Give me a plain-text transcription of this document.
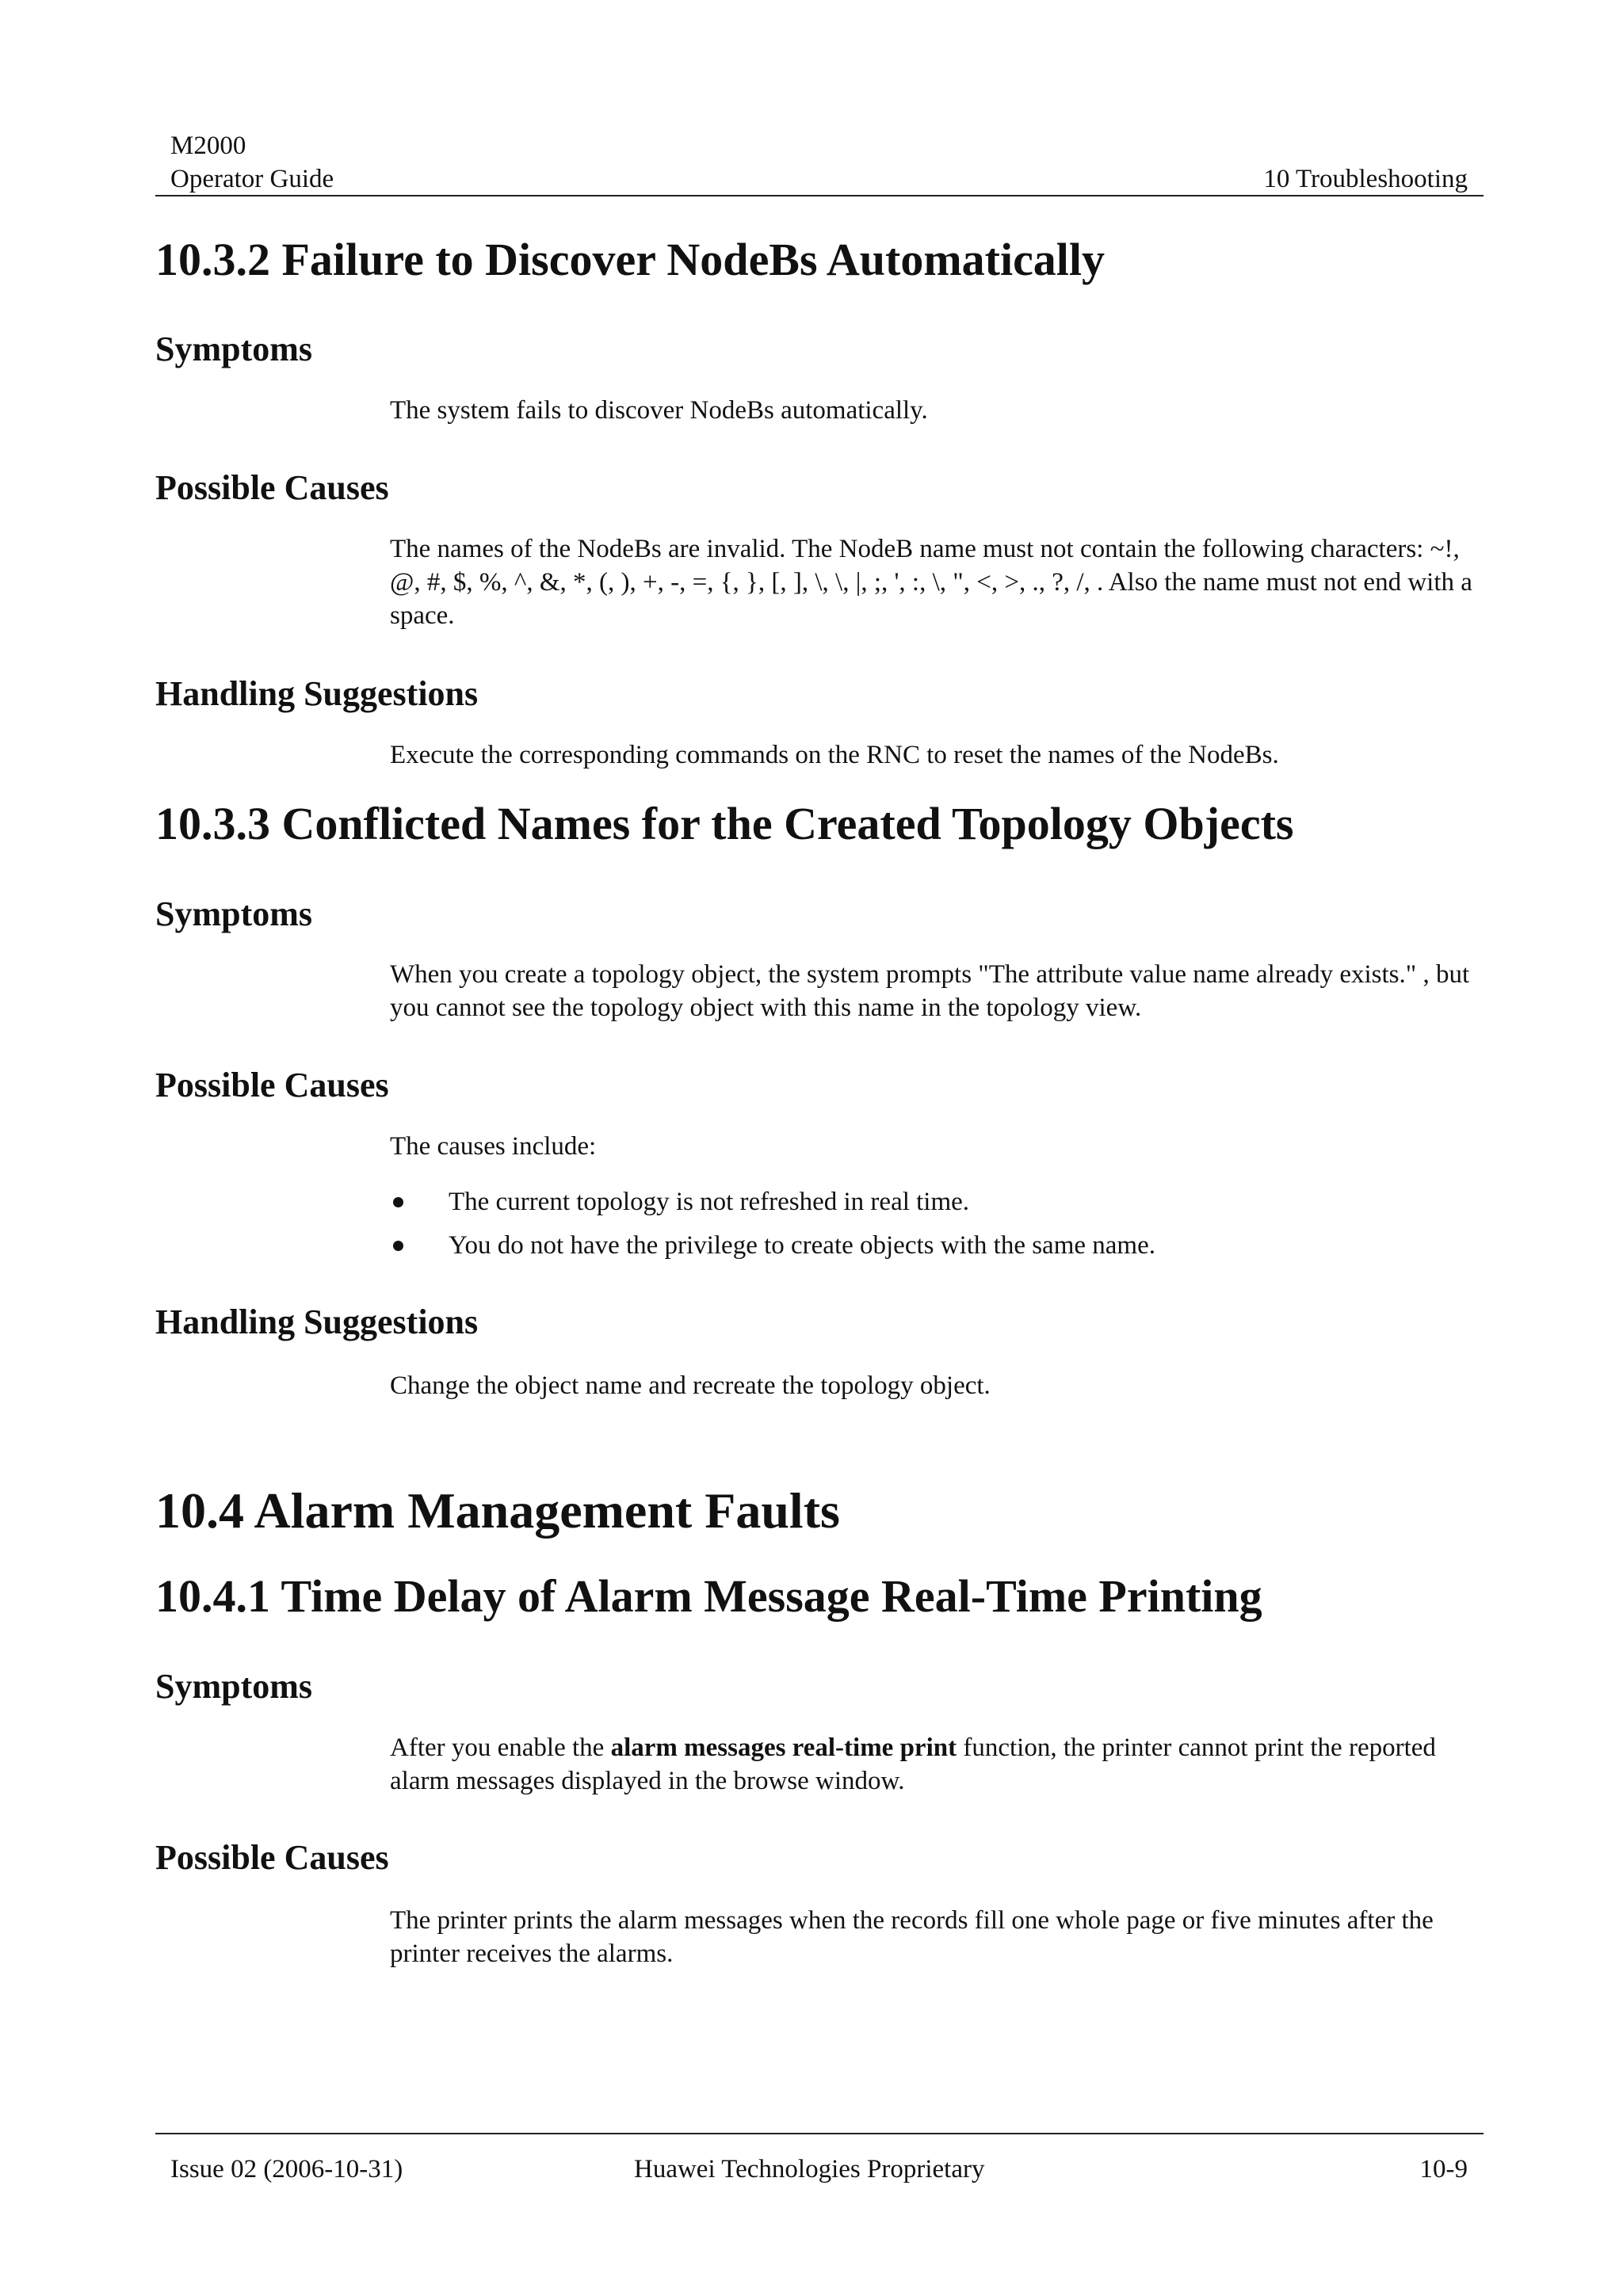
M2000
Operator Guide	10 Troubleshooting
10.3.2 Failure to Discover NodeBs Automatically
Symptoms
The system fails to discover NodeBs automatically.
Possible Causes
The names of the NodeBs are invalid. The NodeB name must not contain the following characters: ~!, @, #, $, %, ^, &, *, (, ), +, -, =, {, }, [, ], \, \, |, ;, ', :, \, ", <, >, ., ?, /, . Also the name must not end with a space.
Handling Suggestions
Execute the corresponding commands on the RNC to reset the names of the NodeBs.
10.3.3 Conflicted Names for the Created Topology Objects
Symptoms
When you create a topology object, the system prompts "The attribute value name already exists." , but you cannot see the topology object with this name in the topology view.
Possible Causes
The causes include:
The current topology is not refreshed in real time.
You do not have the privilege to create objects with the same name.
Handling Suggestions
Change the object name and recreate the topology object.
10.4 Alarm Management Faults
10.4.1 Time Delay of Alarm Message Real-Time Printing
Symptoms
After you enable the alarm messages real-time print function, the printer cannot print the reported alarm messages displayed in the browse window.
Possible Causes
The printer prints the alarm messages when the records fill one whole page or five minutes after the printer receives the alarms.
Issue 02 (2006-10-31)	Huawei Technologies Proprietary	10-9
